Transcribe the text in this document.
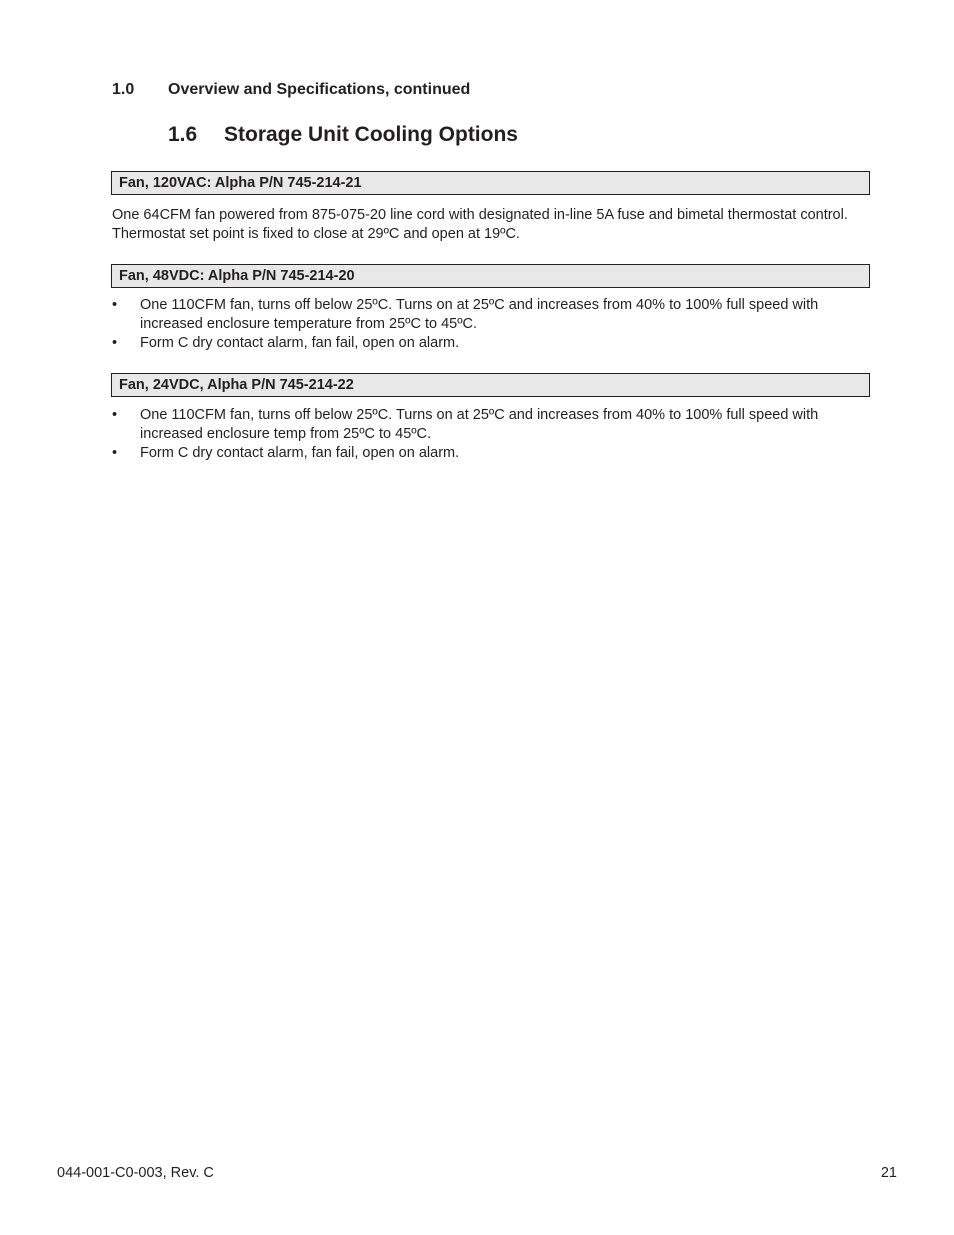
1.0 Overview and Specifications, continued
1.6 Storage Unit Cooling Options
Fan, 120VAC: Alpha P/N 745-214-21
One 64CFM fan powered from 875-075-20 line cord with designated in-line 5A fuse and bimetal thermostat control. Thermostat set point is fixed to close at 29ºC and open at 19ºC.
Fan, 48VDC: Alpha P/N 745-214-20
• One 110CFM fan, turns off below 25ºC. Turns on at 25ºC and increases from 40% to 100% full speed with increased enclosure temperature from 25ºC to 45ºC.
• Form C dry contact alarm, fan fail, open on alarm.
Fan, 24VDC, Alpha P/N 745-214-22
• One 110CFM fan, turns off below 25ºC. Turns on at 25ºC and increases from 40% to 100% full speed with increased enclosure temp from 25ºC to 45ºC.
• Form C dry contact alarm, fan fail, open on alarm.
044-001-C0-003, Rev. C	21
